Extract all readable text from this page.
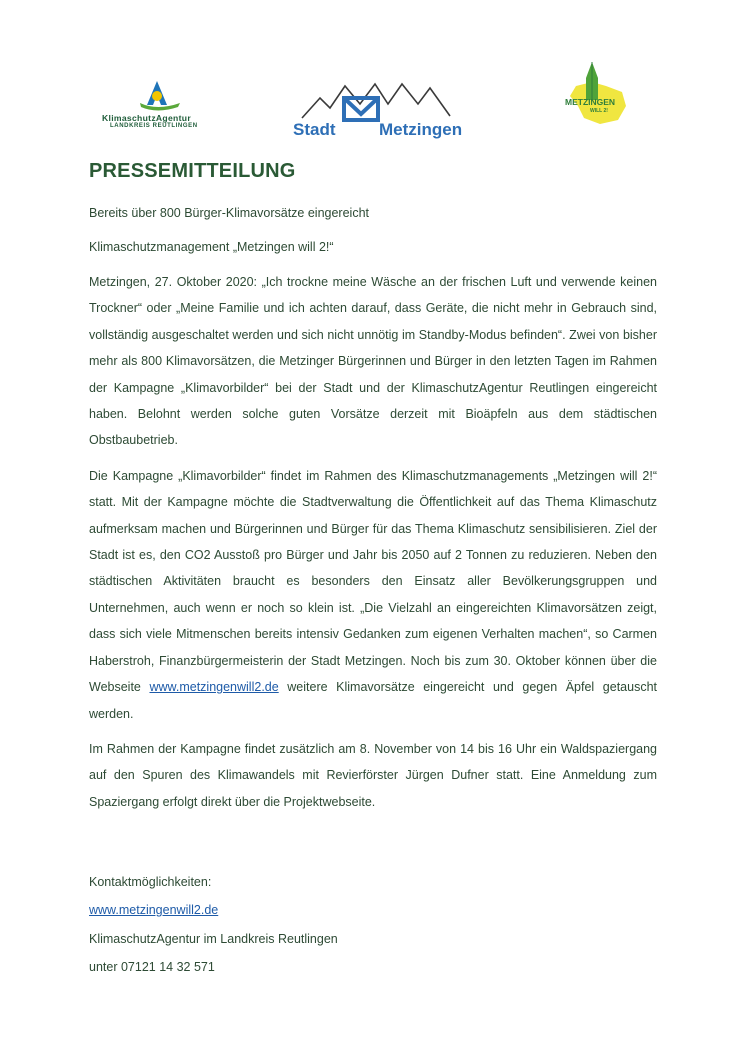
KlimaschutzAgentur
LANDKREIS REUTLINGEN	Stadt	Metzingen
METZINGEN
WILL 2!
PRESSEMITTEILUNG

Bereits über 800 Bürger-Klimavorsätze eingereicht

Klimaschutzmanagement „Metzingen will 2!“

Metzingen, 27. Oktober 2020: „Ich trockne meine Wäsche an der frischen Luft und verwende keinen Trockner“ oder „Meine Familie und ich achten darauf, dass Geräte, die nicht mehr in Gebrauch sind, vollständig ausgeschaltet werden und sich nicht unnötig im Standby-Modus befinden“. Zwei von bisher mehr als 800 Klimavorsätzen, die Metzinger Bürgerinnen und Bürger in den letzten Tagen im Rahmen der Kampagne „Klimavorbilder“ bei der Stadt und der KlimaschutzAgentur Reutlingen eingereicht haben. Belohnt werden solche guten Vorsätze derzeit mit Bioäpfeln aus dem städtischen Obstbaubetrieb.

Die Kampagne „Klimavorbilder“ findet im Rahmen des Klimaschutzmanagements „Metzingen will 2!“ statt. Mit der Kampagne möchte die Stadtverwaltung die Öffentlichkeit auf das Thema Klimaschutz aufmerksam machen und Bürgerinnen und Bürger für das Thema Klimaschutz sensibilisieren. Ziel der Stadt ist es, den CO2 Ausstoß pro Bürger und Jahr bis 2050 auf 2 Tonnen zu reduzieren. Neben den städtischen Aktivitäten braucht es besonders den Einsatz aller Bevölkerungsgruppen und Unternehmen, auch wenn er noch so klein ist. „Die Vielzahl an eingereichten Klimavorsätzen zeigt, dass sich viele Mitmenschen bereits intensiv Gedanken zum eigenen Verhalten machen“, so Carmen Haberstroh, Finanzbürgermeisterin der Stadt Metzingen. Noch bis zum 30. Oktober können über die Webseite www.metzingenwill2.de weitere Klimavorsätze eingereicht und gegen Äpfel getauscht werden.

Im Rahmen der Kampagne findet zusätzlich am 8. November von 14 bis 16 Uhr ein Waldspaziergang auf den Spuren des Klimawandels mit Revierförster Jürgen Dufner statt. Eine Anmeldung zum Spaziergang erfolgt direkt über die Projektwebseite.

Kontaktmöglichkeiten:

www.metzingenwill2.de

KlimaschutzAgentur im Landkreis Reutlingen

unter 07121 14 32 571
